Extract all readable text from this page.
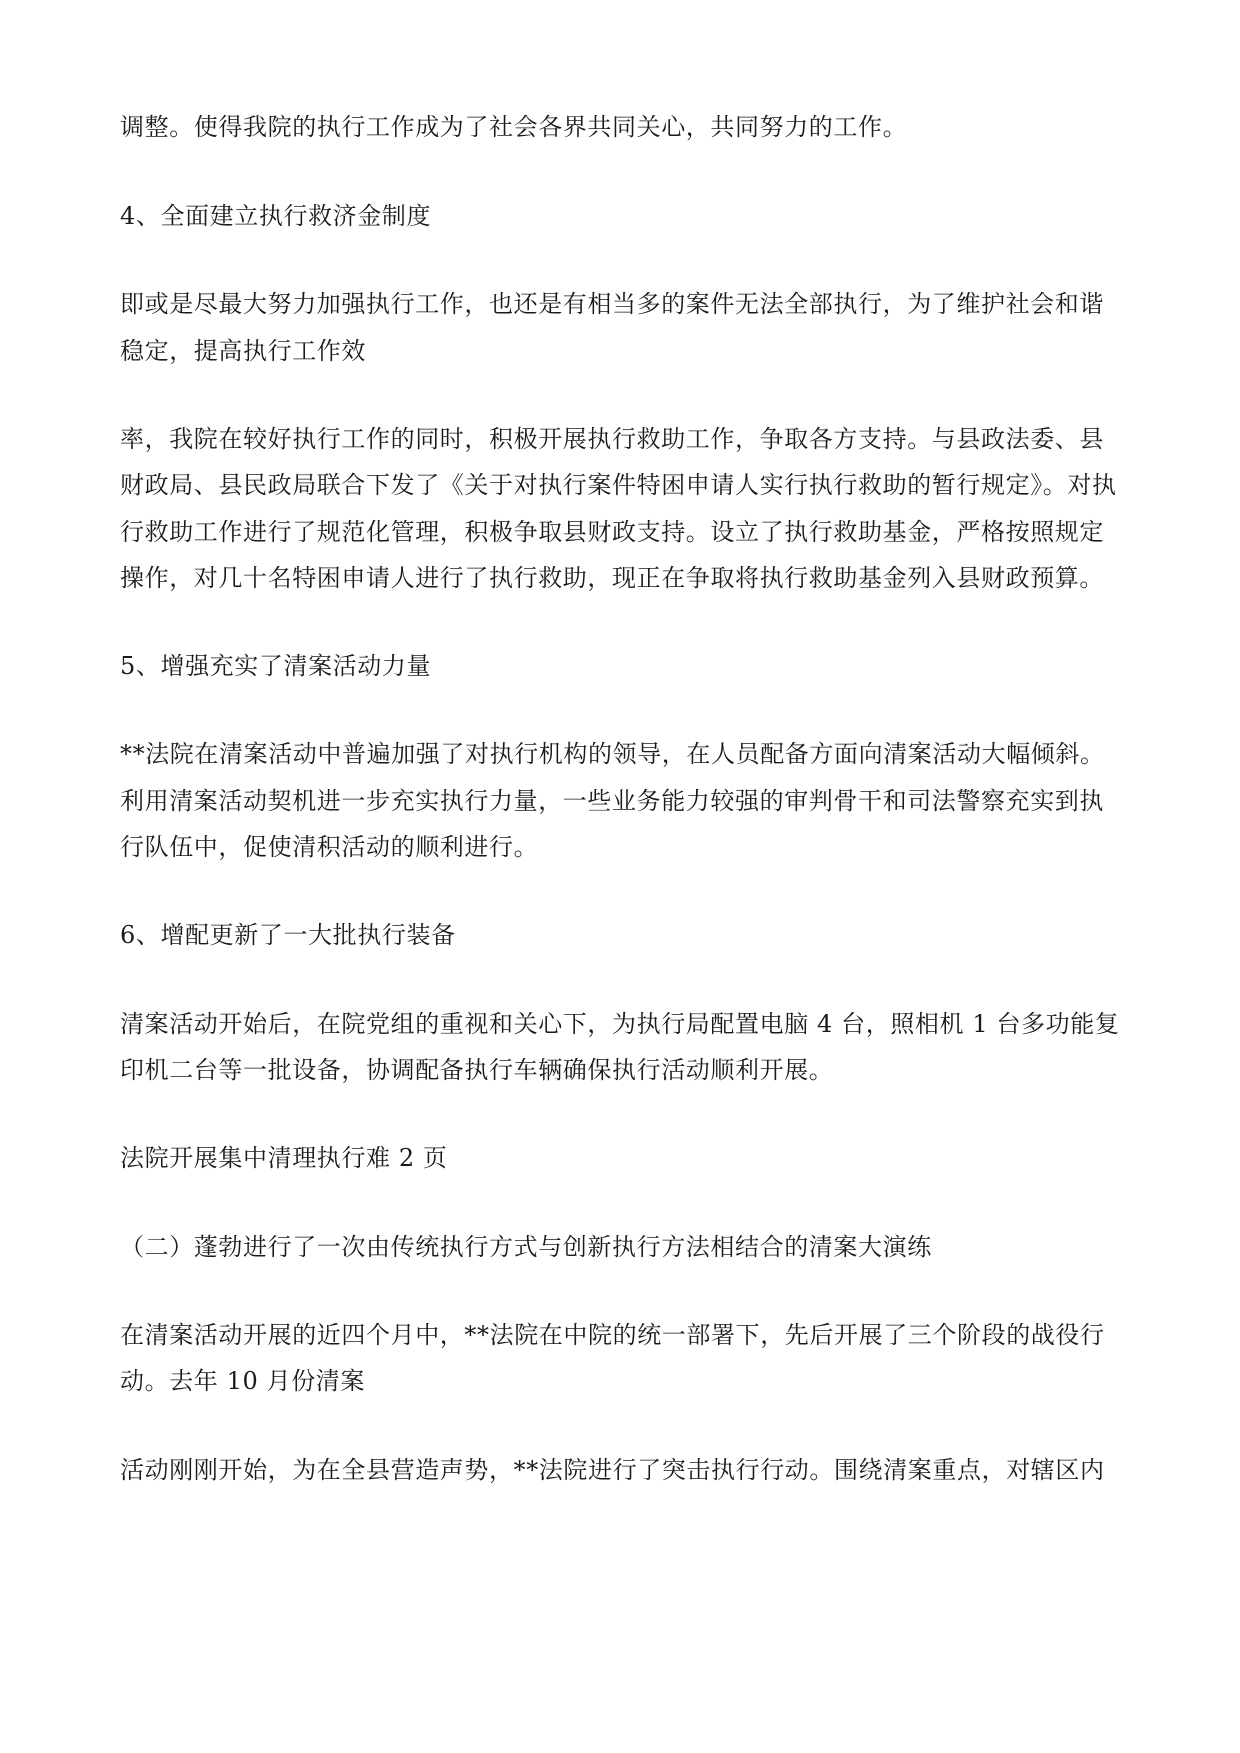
调整。使得我院的执行工作成为了社会各界共同关心，共同努力的工作。
4、全面建立执行救济金制度
即或是尽最大努力加强执行工作，也还是有相当多的案件无法全部执行，为了维护社会和谐
稳定，提高执行工作效
率，我院在较好执行工作的同时，积极开展执行救助工作，争取各方支持。与县政法委、县
财政局、县民政局联合下发了《关于对执行案件特困申请人实行执行救助的暂行规定》。对执
行救助工作进行了规范化管理，积极争取县财政支持。设立了执行救助基金，严格按照规定
操作，对几十名特困申请人进行了执行救助，现正在争取将执行救助基金列入县财政预算。
5、增强充实了清案活动力量
**法院在清案活动中普遍加强了对执行机构的领导，在人员配备方面向清案活动大幅倾斜。
利用清案活动契机进一步充实执行力量，一些业务能力较强的审判骨干和司法警察充实到执
行队伍中，促使清积活动的顺利进行。
6、增配更新了一大批执行装备
清案活动开始后，在院党组的重视和关心下，为执行局配置电脑 4 台，照相机 1 台多功能复
印机二台等一批设备，协调配备执行车辆确保执行活动顺利开展。
法院开展集中清理执行难 2 页
（二）蓬勃进行了一次由传统执行方式与创新执行方法相结合的清案大演练
在清案活动开展的近四个月中，**法院在中院的统一部署下，先后开展了三个阶段的战役行
动。去年 10 月份清案
活动刚刚开始，为在全县营造声势，**法院进行了突击执行行动。围绕清案重点，对辖区内
